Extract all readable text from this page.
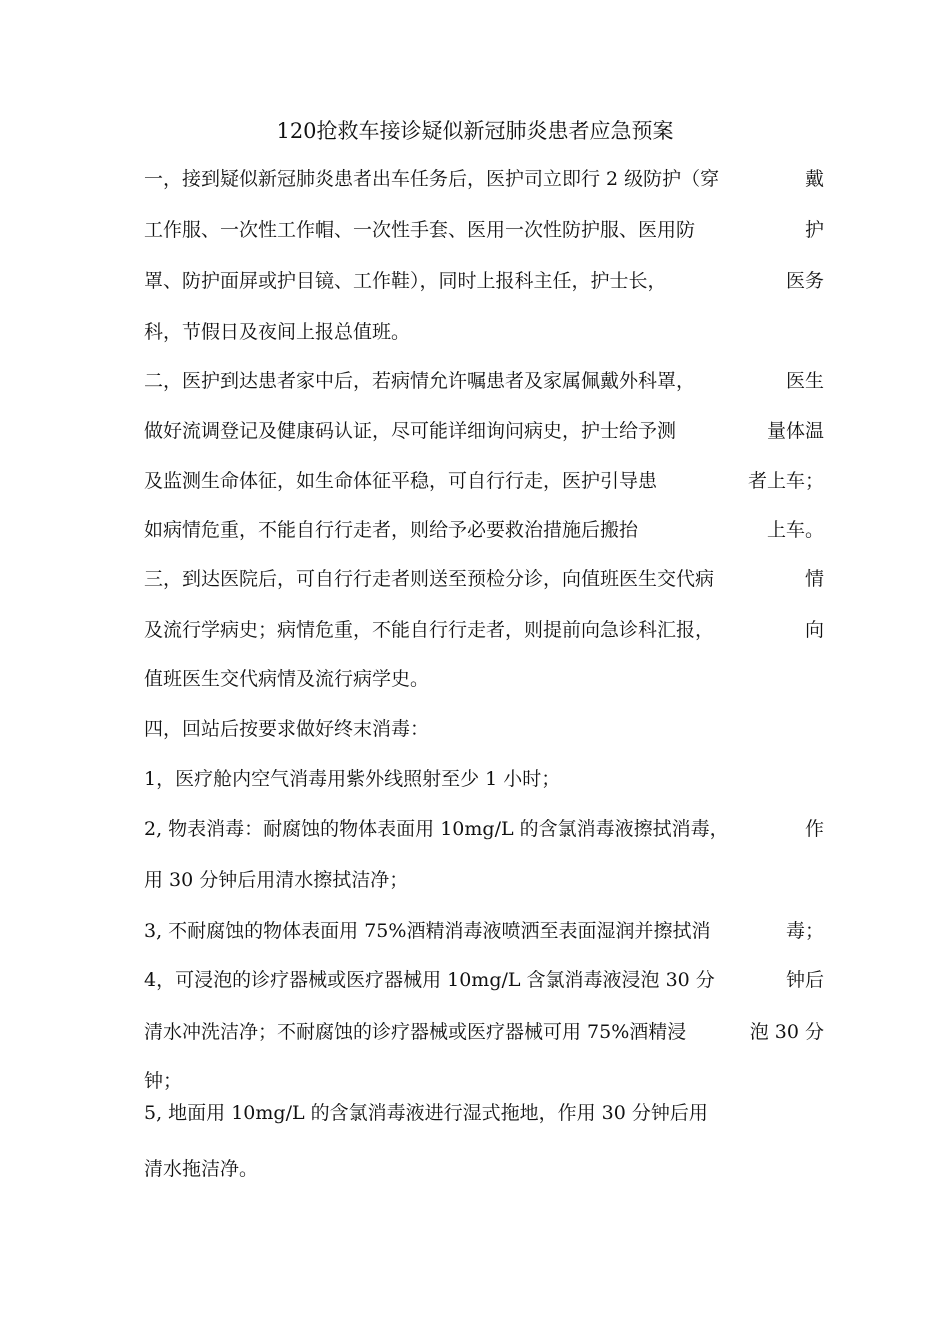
120抢救车接诊疑似新冠肺炎患者应急预案
一，接到疑似新冠肺炎患者出车任务后，医护司立即行 2 级防护（穿	戴
工作服、一次性工作帽、一次性手套、医用一次性防护服、医用防	护
罩、防护面屏或护目镜、工作鞋），同时上报科主任，护士长，	医务
科，节假日及夜间上报总值班。
二，医护到达患者家中后，若病情允许嘱患者及家属佩戴外科罩，	医生
做好流调登记及健康码认证，尽可能详细询问病史，护士给予测	量体温
及监测生命体征，如生命体征平稳，可自行行走，医护引导患	者上车；
如病情危重，不能自行行走者，则给予必要救治措施后搬抬	上车。
三，到达医院后，可自行行走者则送至预检分诊，向值班医生交代病	情
及流行学病史；病情危重，不能自行行走者，则提前向急诊科汇报，	向
值班医生交代病情及流行病学史。
四，回站后按要求做好终末消毒：
1，医疗舱内空气消毒用紫外线照射至少 1 小时；
2, 物表消毒：耐腐蚀的物体表面用 10mg/L 的含氯消毒液擦拭消毒，	作
用 30 分钟后用清水擦拭洁净；
3, 不耐腐蚀的物体表面用 75%酒精消毒液喷洒至表面湿润并擦拭消	毒；
4，可浸泡的诊疗器械或医疗器械用 10mg/L 含氯消毒液浸泡 30 分	钟后
清水冲洗洁净；不耐腐蚀的诊疗器械或医疗器械可用 75%酒精浸	泡 30 分
钟；
5, 地面用 10mg/L 的含氯消毒液进行湿式拖地，作用 30 分钟后用
清水拖洁净。
